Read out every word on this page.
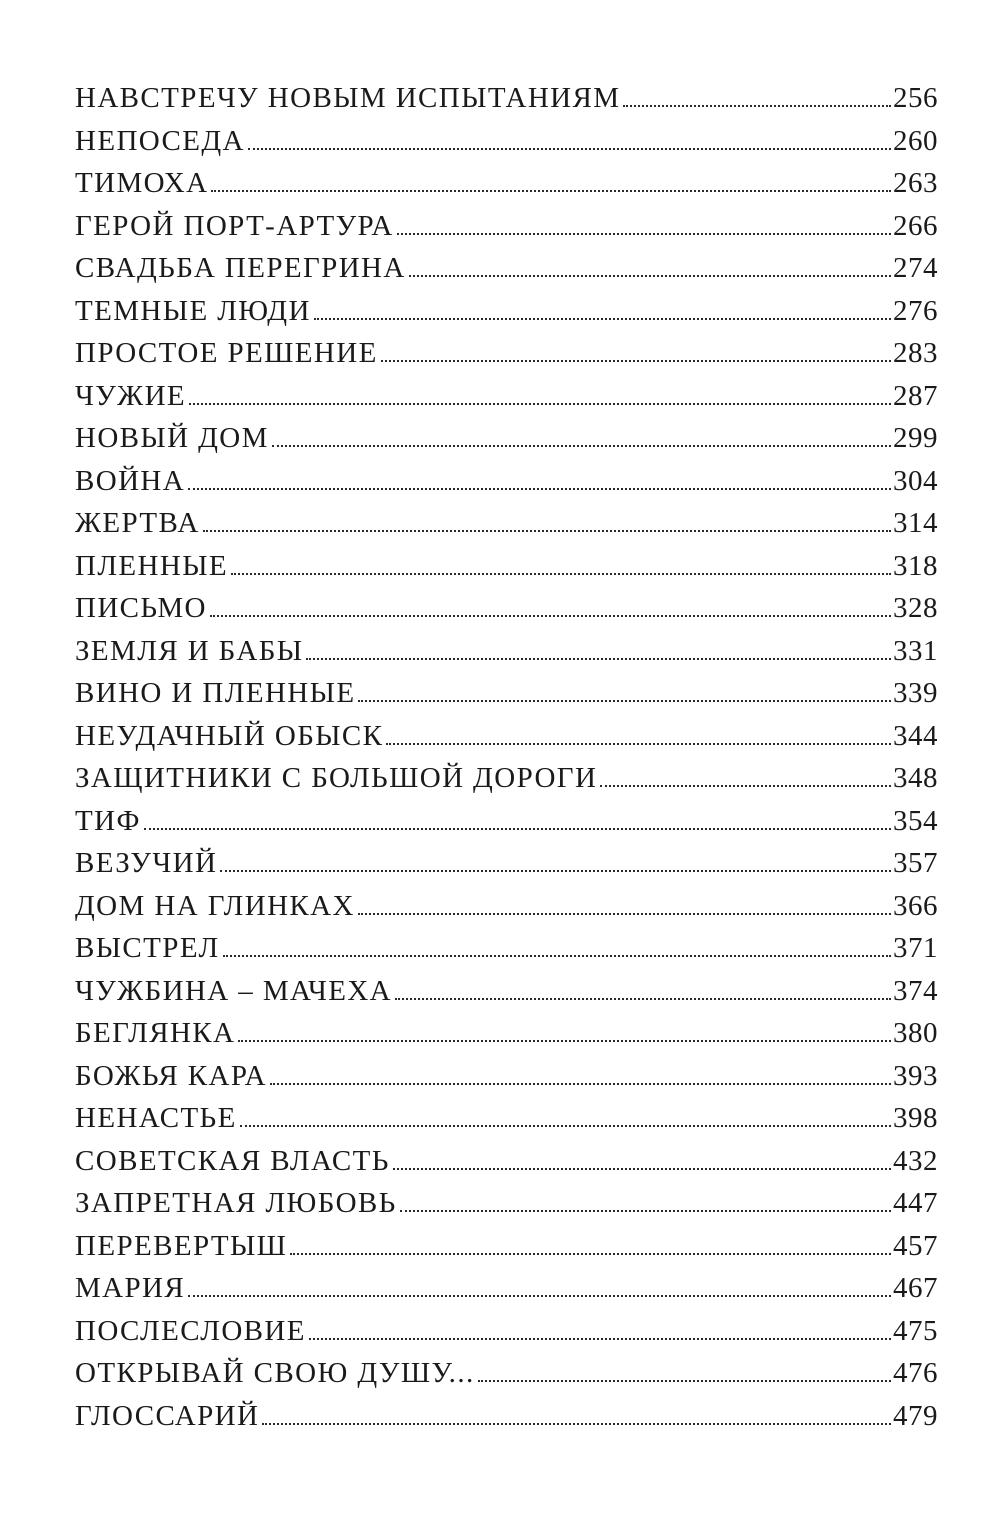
НАВСТРЕЧУ НОВЫМ ИСПЫТАНИЯМ	256
НЕПОСЕДА	260
ТИМОХА	263
ГЕРОЙ ПОРТ-АРТУРА	266
СВАДЬБА ПЕРЕГРИНА	274
ТЕМНЫЕ ЛЮДИ	276
ПРОСТОЕ РЕШЕНИЕ	283
ЧУЖИЕ	287
НОВЫЙ ДОМ	299
ВОЙНА	304
ЖЕРТВА	314
ПЛЕННЫЕ	318
ПИСЬМО	328
ЗЕМЛЯ И БАБЫ	331
ВИНО И ПЛЕННЫЕ	339
НЕУДАЧНЫЙ ОБЫСК	344
ЗАЩИТНИКИ С БОЛЬШОЙ ДОРОГИ	348
ТИФ	354
ВЕЗУЧИЙ	357
ДОМ НА ГЛИНКАХ	366
ВЫСТРЕЛ	371
ЧУЖБИНА – МАЧЕХА	374
БЕГЛЯНКА	380
БОЖЬЯ КАРА	393
НЕНАСТЬЕ	398
СОВЕТСКАЯ ВЛАСТЬ	432
ЗАПРЕТНАЯ ЛЮБОВЬ	447
ПЕРЕВЕРТЫШ	457
МАРИЯ	467
ПОСЛЕСЛОВИЕ	475
ОТКРЫВАЙ СВОЮ ДУШУ...	476
ГЛОССАРИЙ	479
